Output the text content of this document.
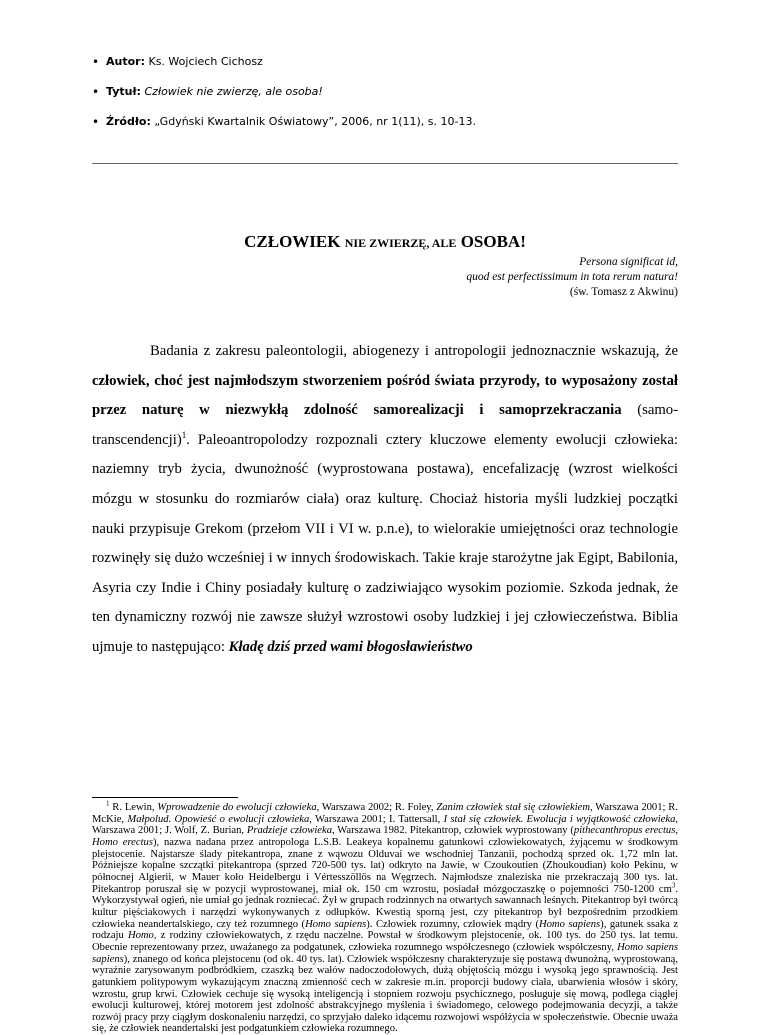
• Autor: Ks. Wojciech Cichosz
• Tytuł: Człowiek nie zwierzę, ale osoba!
• Źródło: „Gdyński Kwartalnik Oświatowy”, 2006, nr 1(11), s. 10-13.
CZŁOWIEK NIE ZWIERZĘ, ALE OSOBA!
Persona significat id,
quod est perfectissimum in tota rerum natura!
(św. Tomasz z Akwinu)

Badania z zakresu paleontologii, abiogenezy i antropologii jednoznacznie wskazują, że człowiek, choć jest najmłodszym stworzeniem pośród świata przyrody, to wyposażony został przez naturę w niezwykłą zdolność samorealizacji i samoprzekraczania (samo-transcendencji)$^1$. Paleoantropolodzy rozpoznali cztery kluczowe elementy ewolucji człowieka: naziemny tryb życia, dwunożność (wyprostowana postawa), encefalizację (wzrost wielkości mózgu w stosunku do rozmiarów ciała) oraz kulturę. Chociaż historia myśli ludzkiej początki nauki przypisuje Grekom (przełom VII i VI w. p.n.e), to wielorakie umiejętności oraz technologie rozwinęły się dużo wcześniej i w innych środowiskach. Takie kraje starożytne jak Egipt, Babilonia, Asyria czy Indie i Chiny posiadały kulturę o zadziwiająco wysokim poziomie. Szkoda jednak, że ten dynamiczny rozwój nie zawsze służył wzrostowi osoby ludzkiej i jej człowieczeństwa. Biblia ujmuje to następująco: Kładę dziś przed wami błogosławieństwo

$^1$ R. Lewin, Wprowadzenie do ewolucji człowieka, Warszawa 2002; R. Foley, Zanim człowiek stał się człowiekiem, Warszawa 2001; R. McKie, Małpolud. Opowieść o ewolucji człowieka, Warszawa 2001; I. Tattersall, I stał się człowiek. Ewolucja i wyjątkowość człowieka, Warszawa 2001; J. Wolf, Z. Burian, Pradzieje człowieka, Warszawa 1982. Pitekantrop, człowiek wyprostowany (pithecanthropus erectus, Homo erectus), nazwa nadana przez antropologa L.S.B. Leakeya kopalnemu gatunkowi człowiekowatych, żyjącemu w środkowym plejstocenie. Najstarsze ślady pitekantropa, znane z wąwozu Olduvai we wschodniej Tanzanii, pochodzą sprzed ok. 1,72 mln lat. Późniejsze kopalne szczątki pitekantropa (sprzed 720-500 tys. lat) odkryto na Jawie, w Czoukoutien (Zhoukoudian) koło Pekinu, w północnej Algierii, w Mauer koło Heidelbergu i Vértesszöllös na Węgrzech. Najmłodsze znaleziska nie przekraczają 300 tys. lat. Pitekantrop poruszał się w pozycji wyprostowanej, miał ok. 150 cm wzrostu, posiadał mózgoczaszkę o pojemności 750-1200 $cm^3$. Wykorzystywał ogień, nie umiał go jednak rozniecać. Żył w grupach rodzinnych na otwartych sawannach leśnych. Pitekantrop był twórcą kultur pięściakowych i narzędzi wykonywanych z odłupków. Kwestią sporną jest, czy pitekantrop był bezpośrednim przodkiem człowieka neandertalskiego, czy też rozumnego (Homo sapiens). Człowiek rozumny, człowiek mądry (Homo sapiens), gatunek ssaka z rodzaju Homo, z rodziny człowiekowatych, z rzędu naczelne. Powstał w środkowym plejstocenie, ok. 100 tys. do 250 tys. lat temu. Obecnie reprezentowany przez, uważanego za podgatunek, człowieka rozumnego współczesnego (człowiek współczesny, Homo sapiens sapiens), znanego od końca plejstocenu (od ok. 40 tys. lat). Człowiek współczesny charakteryzuje się postawą dwunożną, wyprostowaną, wyraźnie zarysowanym podbródkiem, czaszką bez wałów nadoczodołowych, dużą objętością mózgu i wysoką jego sprawnością. Jest gatunkiem politypowym wykazującym znaczną zmienność cech w zakresie m.in. proporcji budowy ciała, ubarwienia włosów i skóry, wzrostu, grup krwi. Człowiek cechuje się wysoką inteligencją i stopniem rozwoju psychicznego, posługuje się mową, podlega ciągłej ewolucji kulturowej, której motorem jest zdolność abstrakcyjnego myślenia i świadomego, celowego podejmowania decyzji, a także rozwój pracy przy ciągłym doskonaleniu narzędzi, co sprzyjało daleko idącemu rozwojowi współżycia w społeczeństwie. Obecnie uważa się, że człowiek neandertalski jest podgatunkiem człowieka rozumnego.
